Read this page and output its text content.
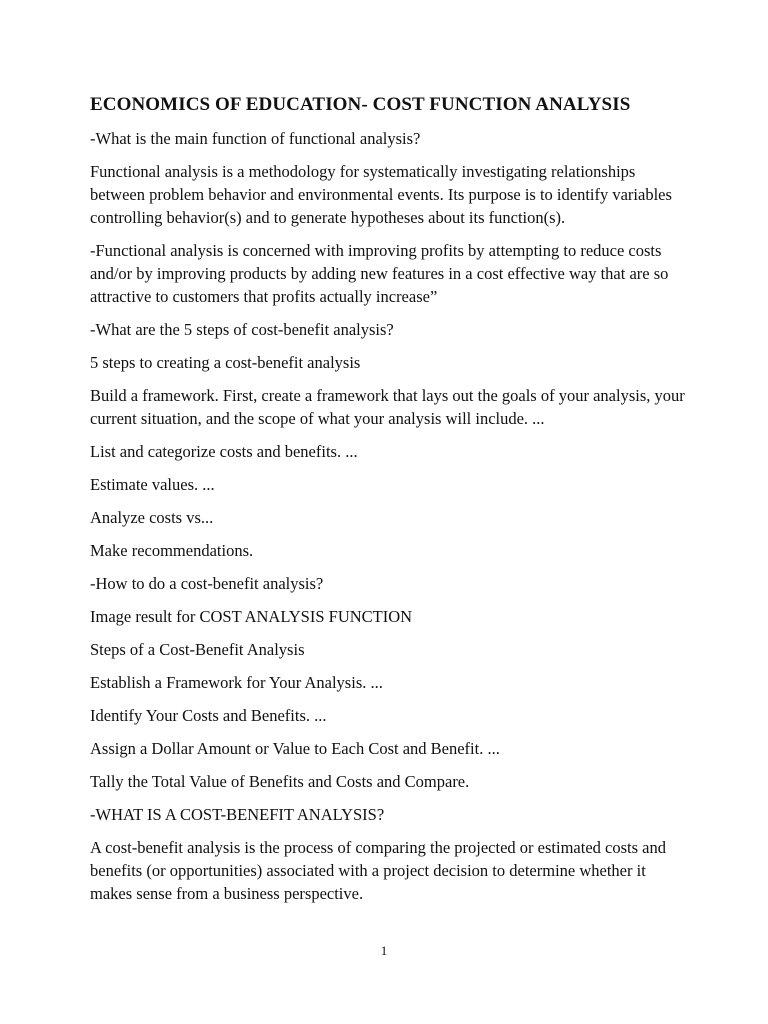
ECONOMICS OF EDUCATION- COST FUNCTION ANALYSIS

-What is the main function of functional analysis?

Functional analysis is a methodology for systematically investigating relationships between problem behavior and environmental events. Its purpose is to identify variables controlling behavior(s) and to generate hypotheses about its function(s).

-Functional analysis is concerned with improving profits by attempting to reduce costs and/or by improving products by adding new features in a cost effective way that are so attractive to customers that profits actually increase”

-What are the 5 steps of cost-benefit analysis?

5 steps to creating a cost-benefit analysis

Build a framework. First, create a framework that lays out the goals of your analysis, your current situation, and the scope of what your analysis will include. ...

List and categorize costs and benefits. ...

Estimate values. ...

Analyze costs vs...

Make recommendations.

-How to do a cost-benefit analysis?

Image result for COST ANALYSIS FUNCTION

Steps of a Cost-Benefit Analysis

Establish a Framework for Your Analysis. ...

Identify Your Costs and Benefits. ...

Assign a Dollar Amount or Value to Each Cost and Benefit. ...

Tally the Total Value of Benefits and Costs and Compare.

-WHAT IS A COST-BENEFIT ANALYSIS?

A cost-benefit analysis is the process of comparing the projected or estimated costs and benefits (or opportunities) associated with a project decision to determine whether it makes sense from a business perspective.

1
